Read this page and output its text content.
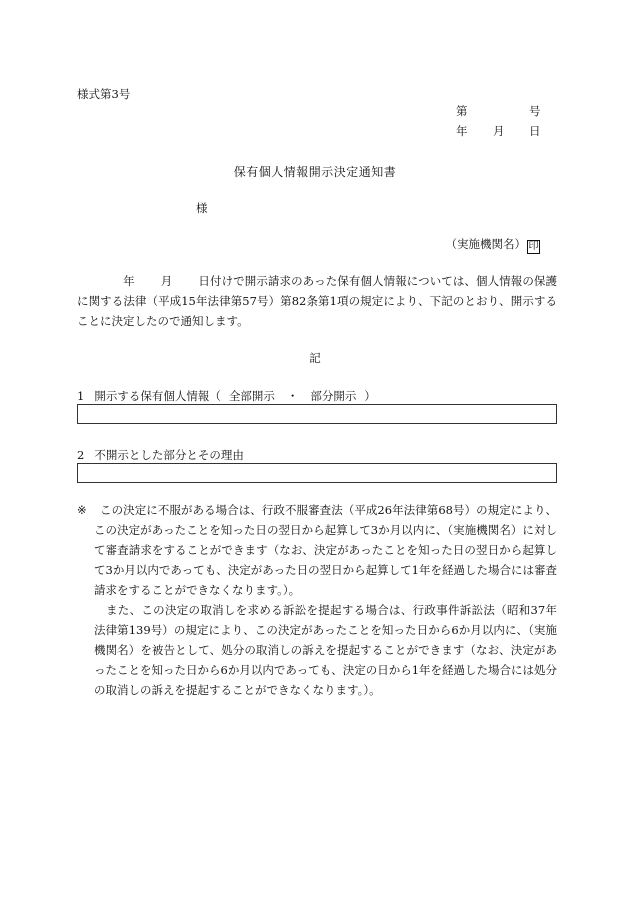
様式第3号
第	号
年 月 日
保有個人情報開示決定通知書
様
（実施機関名） 印
年 月 日付けで開示請求のあった保有個人情報については、個人情報の保護に関する法律（平成15年法律第57号）第82条第1項の規定により、下記のとおり、開示することに決定したので通知します。
記
1 開示する保有個人情報（ 全部開示 ・ 部分開示 ）
2 不開示とした部分とその理由
※ この決定に不服がある場合は、行政不服審査法（平成26年法律第68号）の規定により、この決定があったことを知った日の翌日から起算して3か月以内に、（実施機関名）に対して審査請求をすることができます（なお、決定があったことを知った日の翌日から起算して3か月以内であっても、決定があった日の翌日から起算して1年を経過した場合には審査請求をすることができなくなります。）。
また、この決定の取消しを求める訴訟を提起する場合は、行政事件訴訟法（昭和37年法律第139号）の規定により、この決定があったことを知った日から6か月以内に、（実施機関名）を被告として、処分の取消しの訴えを提起することができます（なお、決定があったことを知った日から6か月以内であっても、決定の日から1年を経過した場合には処分の取消しの訴えを提起することができなくなります。）。
